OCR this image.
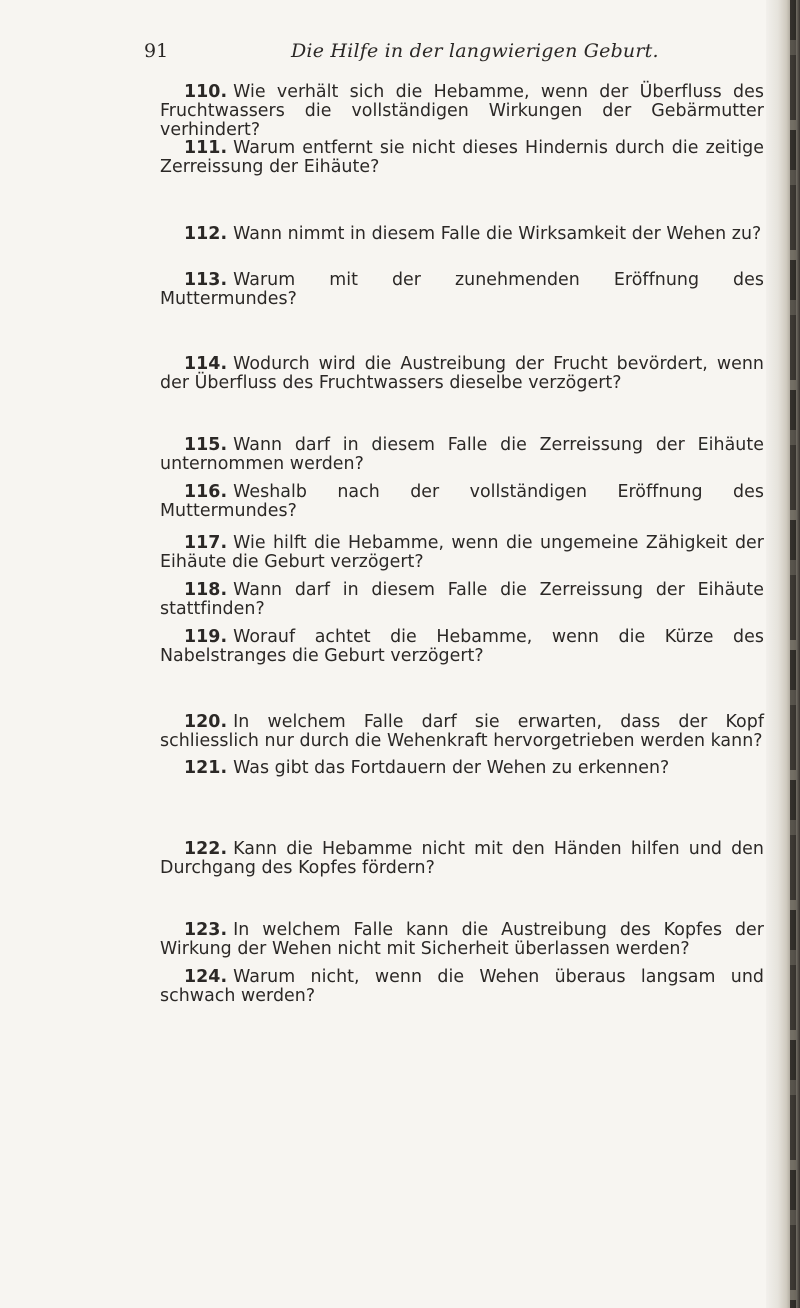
91	Die Hilfe in der langwierigen Geburt.

110. Wie verhält sich die Hebamme, wenn der Überfluss des Fruchtwassers die vollständigen Wirkungen der Gebärmutter verhindert?

111. Warum entfernt sie nicht dieses Hindernis durch die zeitige Zerreissung der Eihäute?

112. Wann nimmt in diesem Falle die Wirksamkeit der Wehen zu?

113. Warum mit der zunehmenden Eröffnung des Muttermundes?

114. Wodurch wird die Austreibung der Frucht bevördert, wenn der Überfluss des Fruchtwassers dieselbe verzögert?

115. Wann darf in diesem Falle die Zerreissung der Eihäute unternommen werden?

116. Weshalb nach der vollständigen Eröffnung des Muttermundes?

117. Wie hilft die Hebamme, wenn die ungemeine Zähigkeit der Eihäute die Geburt verzögert?

118. Wann darf in diesem Falle die Zerreissung der Eihäute stattfinden?

119. Worauf achtet die Hebamme, wenn die Kürze des Nabelstranges die Geburt verzögert?

120. In welchem Falle darf sie erwarten, dass der Kopf schliesslich nur durch die Wehenkraft hervorgetrieben werden kann?

121. Was gibt das Fortdauern der Wehen zu erkennen?

122. Kann die Hebamme nicht mit den Händen hilfen und den Durchgang des Kopfes fördern?

123. In welchem Falle kann die Austreibung des Kopfes der Wirkung der Wehen nicht mit Sicherheit überlassen werden?

124. Warum nicht, wenn die Wehen überaus langsam und schwach werden?
